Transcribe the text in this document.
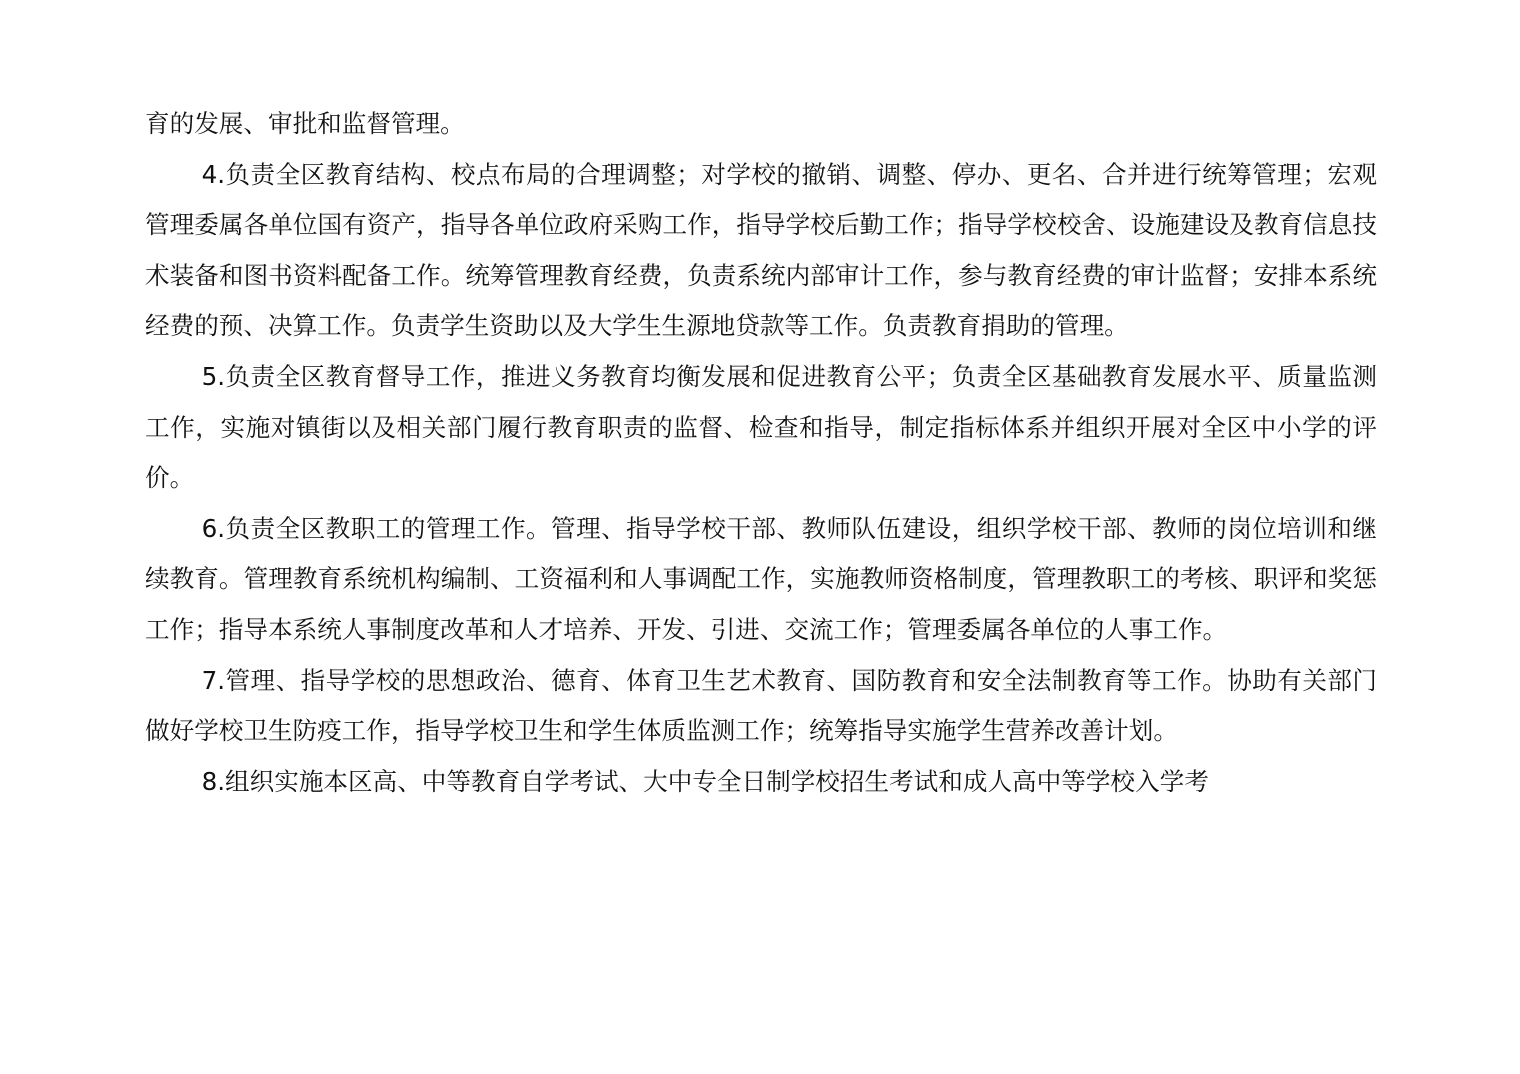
育的发展、审批和监督管理。

4.负责全区教育结构、校点布局的合理调整；对学校的撤销、调整、停办、更名、合并进行统筹管理；宏观管理委属各单位国有资产，指导各单位政府采购工作，指导学校后勤工作；指导学校校舍、设施建设及教育信息技术装备和图书资料配备工作。统筹管理教育经费，负责系统内部审计工作，参与教育经费的审计监督；安排本系统经费的预、决算工作。负责学生资助以及大学生生源地贷款等工作。负责教育捐助的管理。

5.负责全区教育督导工作，推进义务教育均衡发展和促进教育公平；负责全区基础教育发展水平、质量监测工作，实施对镇街以及相关部门履行教育职责的监督、检查和指导，制定指标体系并组织开展对全区中小学的评价。

6.负责全区教职工的管理工作。管理、指导学校干部、教师队伍建设，组织学校干部、教师的岗位培训和继续教育。管理教育系统机构编制、工资福利和人事调配工作，实施教师资格制度，管理教职工的考核、职评和奖惩工作；指导本系统人事制度改革和人才培养、开发、引进、交流工作；管理委属各单位的人事工作。

7.管理、指导学校的思想政治、德育、体育卫生艺术教育、国防教育和安全法制教育等工作。协助有关部门做好学校卫生防疫工作，指导学校卫生和学生体质监测工作；统筹指导实施学生营养改善计划。

8.组织实施本区高、中等教育自学考试、大中专全日制学校招生考试和成人高中等学校入学考
